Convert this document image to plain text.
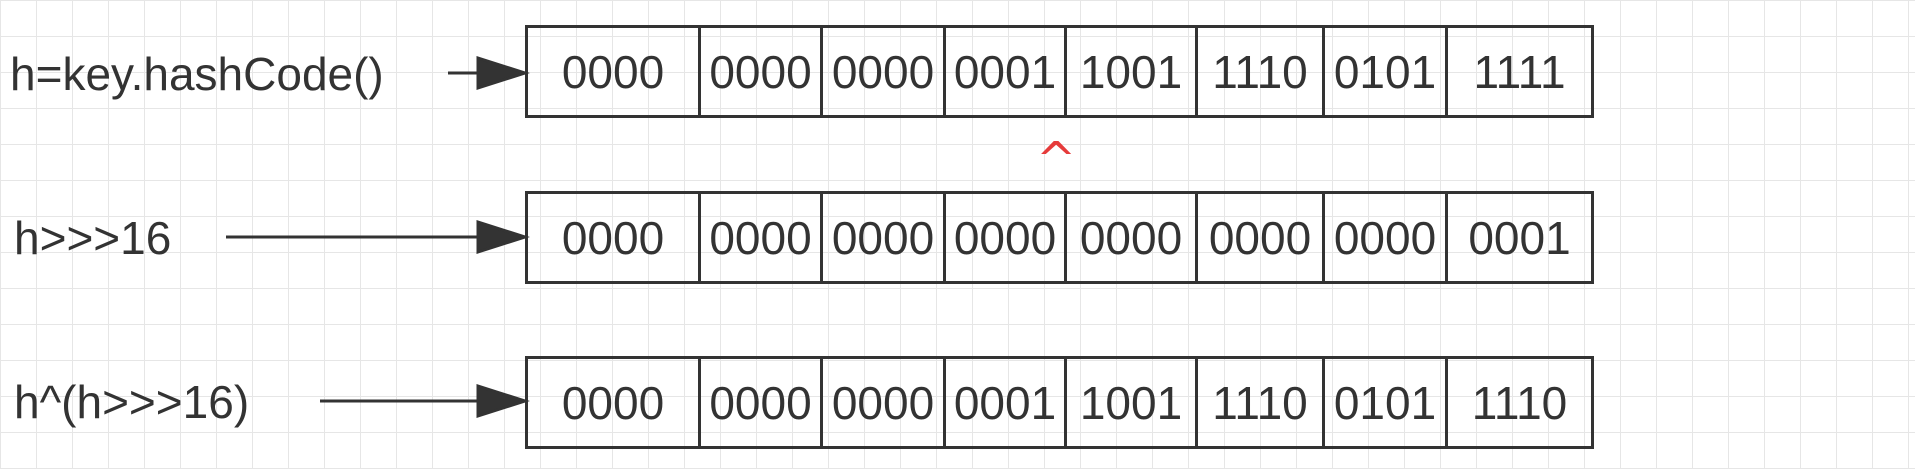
h=key.hashCode()
h>>>16
h^(h>>>16)
0000 0000 0000 0001 1001 1110 0101 1111
^
0000 0000 0000 0000 0000 0000 0000 0001
0000 0000 0000 0001 1001 1110 0101 1110
